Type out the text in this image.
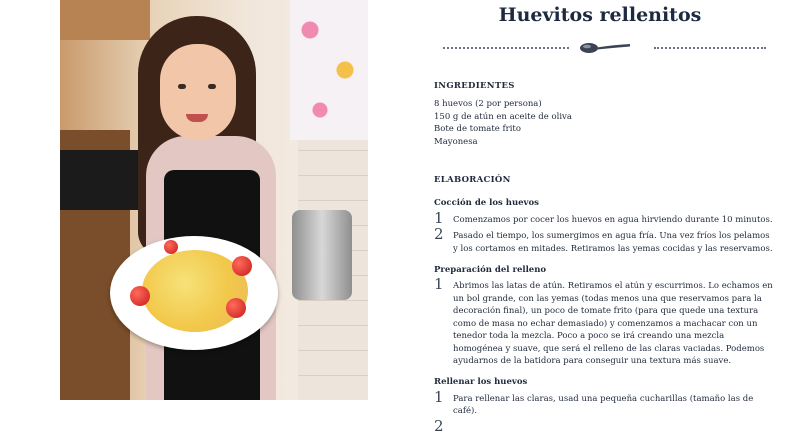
Huevitos rellenitos
INGREDIENTES
8 huevos (2 por persona)
150 g de atún en aceite de oliva
Bote de tomate frito
Mayonesa
ELABORACIÓN
Cocción de los huevos
1 Comenzamos por cocer los huevos en agua hirviendo durante 10 minutos.
2 Pasado el tiempo, los sumergimos en agua fría. Una vez fríos los pelamos y los cortamos en mitades. Retiramos las yemas cocidas y las reservamos.
Preparación del relleno
1 Abrimos las latas de atún. Retiramos el atún y escurrimos. Lo echamos en un bol grande, con las yemas (todas menos una que reservamos para la decoración final), un poco de tomate frito (para que quede una textura como de masa no echar demasiado) y comenzamos a machacar con un tenedor toda la mezcla. Poco a poco se irá creando una mezcla homogénea y suave, que será el relleno de las claras vaciadas. Podemos ayudarnos de la batidora para conseguir una textura más suave.
Rellenar los huevos
1 Para rellenar las claras, usad una pequeña cucharillas (tamaño las de café).
2
